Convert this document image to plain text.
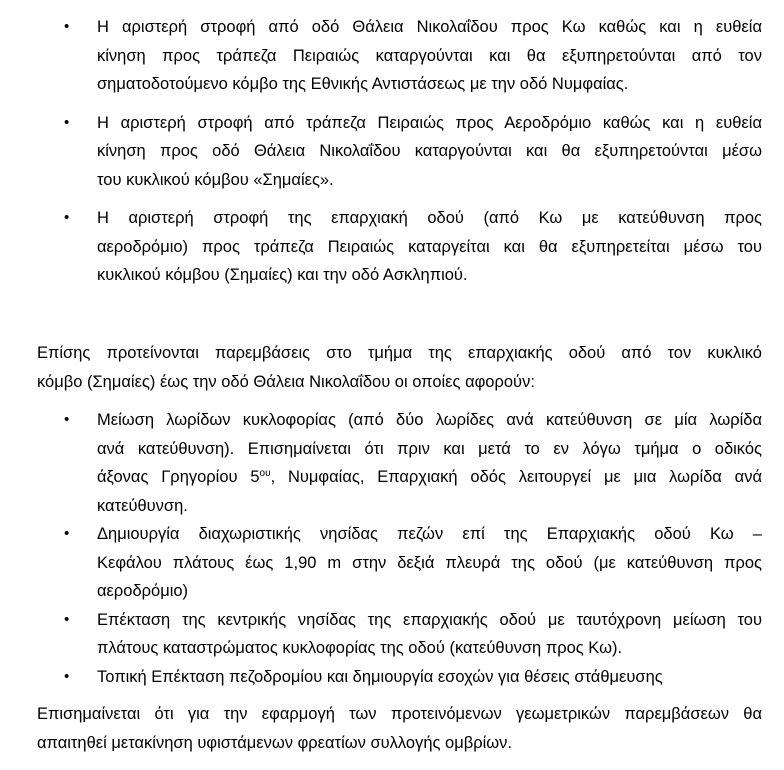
• Η αριστερή στροφή από οδό Θάλεια Νικολαΐδου προς Κω καθώς και η ευθεία
κίνηση προς τράπεζα Πειραιώς καταργούνται και θα εξυπηρετούνται από τον
σηματοδοτούμενο κόμβο της Εθνικής Αντιστάσεως με την οδό Νυμφαίας.
• Η αριστερή στροφή από τράπεζα Πειραιώς προς Αεροδρόμιο καθώς και η ευθεία
κίνηση προς οδό Θάλεια Νικολαΐδου καταργούνται και θα εξυπηρετούνται μέσω
του κυκλικού κόμβου «Σημαίες».
• Η αριστερή στροφή της επαρχιακή οδού (από Κω με κατεύθυνση προς
αεροδρόμιο) προς τράπεζα Πειραιώς καταργείται και θα εξυπηρετείται μέσω του
κυκλικού κόμβου (Σημαίες) και την οδό Ασκληπιού.

Επίσης προτείνονται παρεμβάσεις στο τμήμα της επαρχιακής οδού από τον κυκλικό
κόμβο (Σημαίες) έως την οδό Θάλεια Νικολαΐδου οι οποίες αφορούν:

• Μείωση λωρίδων κυκλοφορίας (από δύο λωρίδες ανά κατεύθυνση σε μία λωρίδα
ανά κατεύθυνση). Επισημαίνεται ότι πριν και μετά το εν λόγω τμήμα ο οδικός
άξονας Γρηγορίου $5^{o\upsilon}$, Νυμφαίας, Επαρχιακή οδός λειτουργεί με μια λωρίδα ανά
κατεύθυνση.
• Δημιουργία διαχωριστικής νησίδας πεζών επί της Επαρχιακής οδού Κω –
Κεφάλου πλάτους έως 1,90 m στην δεξιά πλευρά της οδού (με κατεύθυνση προς
αεροδρόμιο)
• Επέκταση της κεντρικής νησίδας της επαρχιακής οδού με ταυτόχρονη μείωση του
πλάτους καταστρώματος κυκλοφορίας της οδού (κατεύθυνση προς Κω).
• Τοπική Επέκταση πεζοδρομίου και δημιουργία εσοχών για θέσεις στάθμευσης

Επισημαίνεται ότι για την εφαρμογή των προτεινόμενων γεωμετρικών παρεμβάσεων θα
απαιτηθεί μετακίνηση υφιστάμενων φρεατίων συλλογής ομβρίων.
